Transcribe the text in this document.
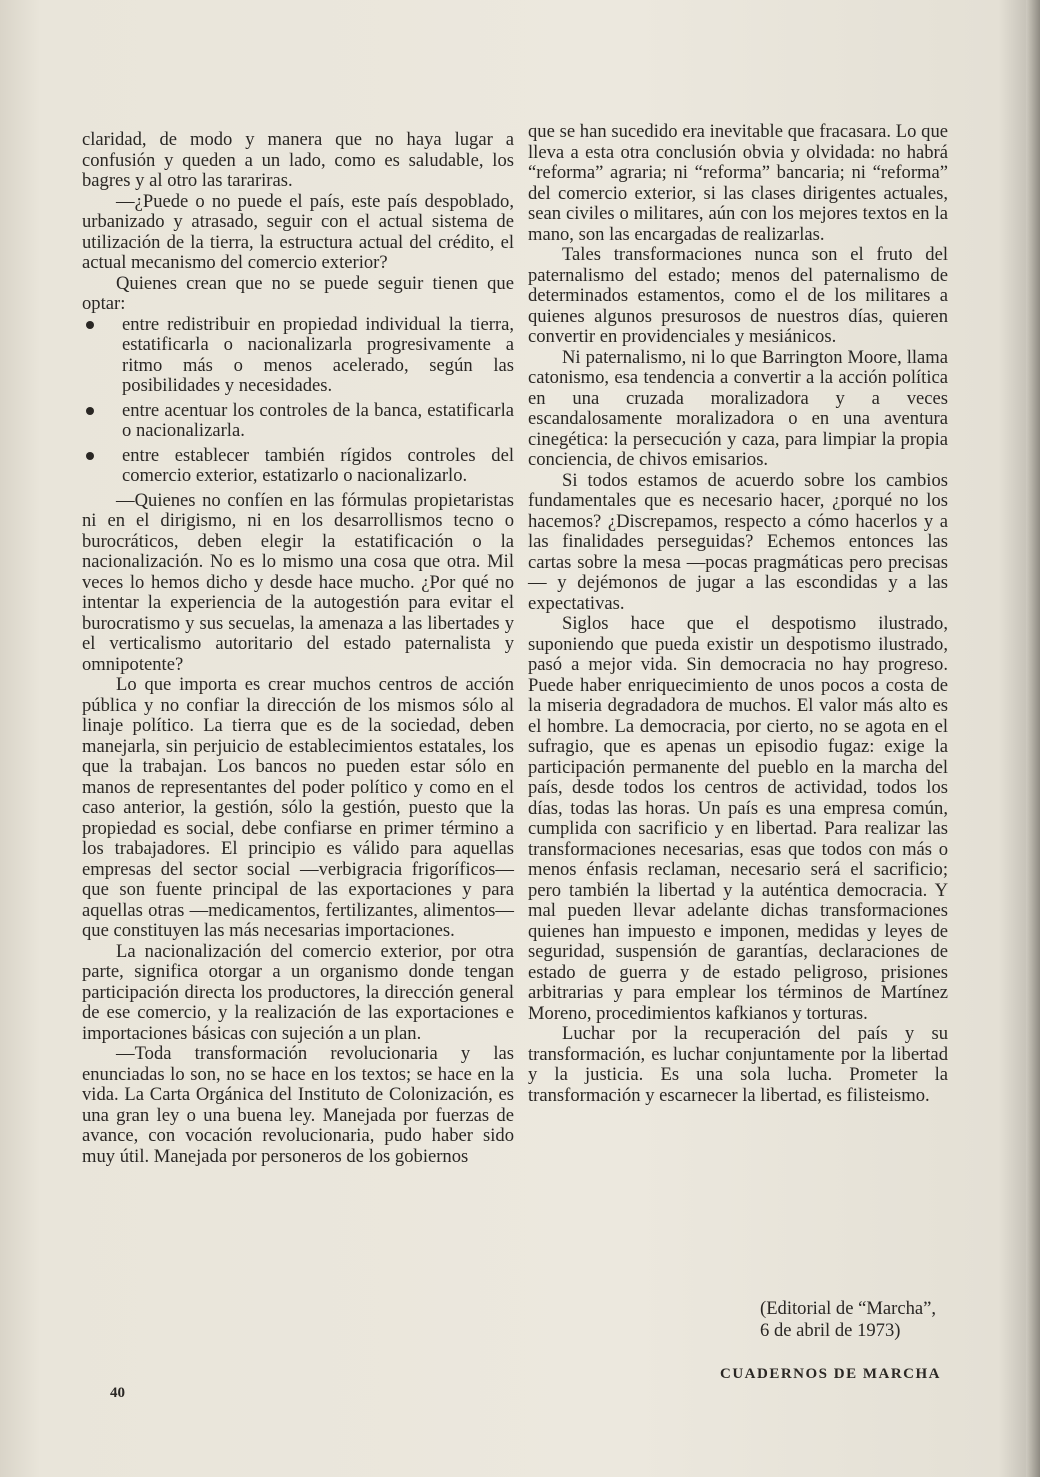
claridad, de modo y manera que no haya lugar a confusión y queden a un lado, como es saludable, los bagres y al otro las tarariras.

—¿Puede o no puede el país, este país despoblado, urbanizado y atrasado, seguir con el actual sistema de utilización de la tierra, la estructura actual del crédito, el actual mecanismo del comercio exterior?

Quienes crean que no se puede seguir tienen que optar:

entre redistribuir en propiedad individual la tierra, estatificarla o nacionalizarla progresivamente a ritmo más o menos acelerado, según las posibilidades y necesidades.
entre acentuar los controles de la banca, estatificarla o nacionalizarla.
entre establecer también rígidos controles del comercio exterior, estatizarlo o nacionalizarlo.

—Quienes no confíen en las fórmulas propietaristas ni en el dirigismo, ni en los desarrollismos tecno o burocráticos, deben elegir la estatificación o la nacionalización. No es lo mismo una cosa que otra. Mil veces lo hemos dicho y desde hace mucho. ¿Por qué no intentar la experiencia de la autogestión para evitar el burocratismo y sus secuelas, la amenaza a las libertades y el verticalismo autoritario del estado paternalista y omnipotente?

Lo que importa es crear muchos centros de acción pública y no confiar la dirección de los mismos sólo al linaje político. La tierra que es de la sociedad, deben manejarla, sin perjuicio de establecimientos estatales, los que la trabajan. Los bancos no pueden estar sólo en manos de representantes del poder político y como en el caso anterior, la gestión, sólo la gestión, puesto que la propiedad es social, debe confiarse en primer término a los trabajadores. El principio es válido para aquellas empresas del sector social —verbigracia frigoríficos— que son fuente principal de las exportaciones y para aquellas otras —medicamentos, fertilizantes, alimentos— que constituyen las más necesarias importaciones.

La nacionalización del comercio exterior, por otra parte, significa otorgar a un organismo donde tengan participación directa los productores, la dirección general de ese comercio, y la realización de las exportaciones e importaciones básicas con sujeción a un plan.

—Toda transformación revolucionaria y las enunciadas lo son, no se hace en los textos; se hace en la vida. La Carta Orgánica del Instituto de Colonización, es una gran ley o una buena ley. Manejada por fuerzas de avance, con vocación revolucionaria, pudo haber sido muy útil. Manejada por personeros de los gobiernos

que se han sucedido era inevitable que fracasara. Lo que lleva a esta otra conclusión obvia y olvidada: no habrá “reforma” agraria; ni “reforma” bancaria; ni “reforma” del comercio exterior, si las clases dirigentes actuales, sean civiles o militares, aún con los mejores textos en la mano, son las encargadas de realizarlas.

Tales transformaciones nunca son el fruto del paternalismo del estado; menos del paternalismo de determinados estamentos, como el de los militares a quienes algunos presurosos de nuestros días, quieren convertir en providenciales y mesiánicos.

Ni paternalismo, ni lo que Barrington Moore, llama catonismo, esa tendencia a convertir a la acción política en una cruzada moralizadora y a veces escandalosamente moralizadora o en una aventura cinegética: la persecución y caza, para limpiar la propia conciencia, de chivos emisarios.

Si todos estamos de acuerdo sobre los cambios fundamentales que es necesario hacer, ¿porqué no los hacemos? ¿Discrepamos, respecto a cómo hacerlos y a las finalidades perseguidas? Echemos entonces las cartas sobre la mesa —pocas pragmáticas pero precisas— y dejémonos de jugar a las escondidas y a las expectativas.

Siglos hace que el despotismo ilustrado, suponiendo que pueda existir un despotismo ilustrado, pasó a mejor vida. Sin democracia no hay progreso. Puede haber enriquecimiento de unos pocos a costa de la miseria degradadora de muchos. El valor más alto es el hombre. La democracia, por cierto, no se agota en el sufragio, que es apenas un episodio fugaz: exige la participación permanente del pueblo en la marcha del país, desde todos los centros de actividad, todos los días, todas las horas. Un país es una empresa común, cumplida con sacrificio y en libertad. Para realizar las transformaciones necesarias, esas que todos con más o menos énfasis reclaman, necesario será el sacrificio; pero también la libertad y la auténtica democracia. Y mal pueden llevar adelante dichas transformaciones quienes han impuesto e imponen, medidas y leyes de seguridad, suspensión de garantías, declaraciones de estado de guerra y de estado peligroso, prisiones arbitrarias y para emplear los términos de Martínez Moreno, procedimientos kafkianos y torturas.

Luchar por la recuperación del país y su transformación, es luchar conjuntamente por la libertad y la justicia. Es una sola lucha. Prometer la transformación y escarnecer la libertad, es filisteismo.

(Editorial de “Marcha”,
6 de abril de 1973)
CUADERNOS DE MARCHA
40
